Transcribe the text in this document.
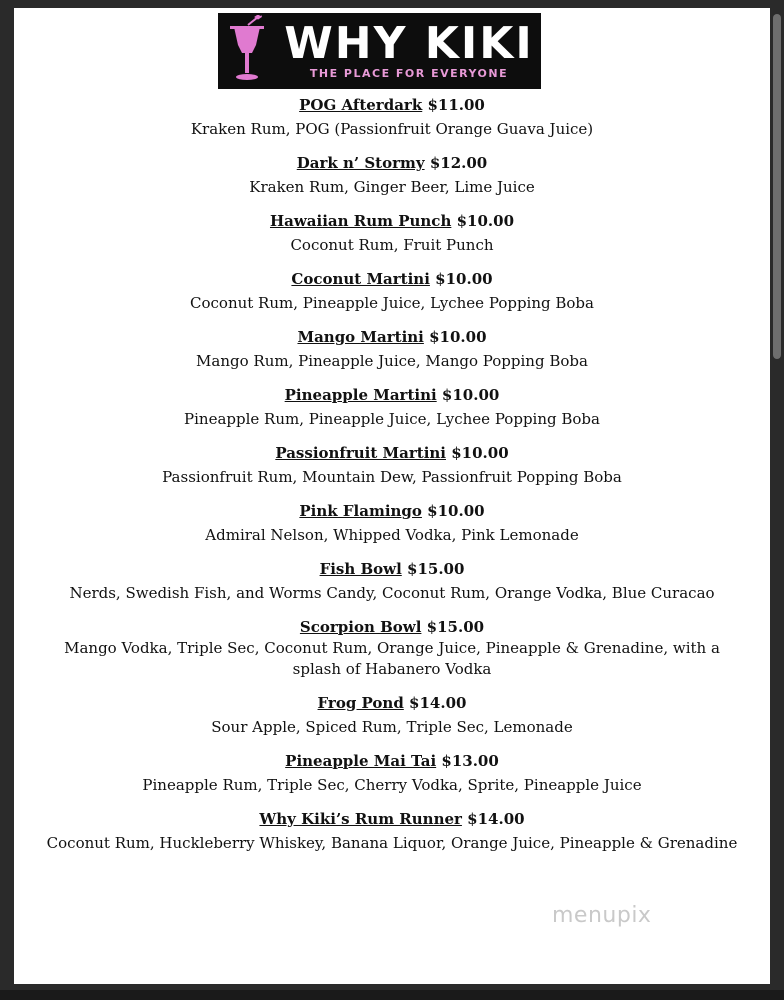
WHY KIKI
THE PLACE FOR EVERYONE
POG Afterdark $11.00
Kraken Rum, POG (Passionfruit Orange Guava Juice)
Dark n’ Stormy $12.00
Kraken Rum, Ginger Beer, Lime Juice
Hawaiian Rum Punch $10.00
Coconut Rum, Fruit Punch
Coconut Martini $10.00
Coconut Rum, Pineapple Juice, Lychee Popping Boba
Mango Martini $10.00
Mango Rum, Pineapple Juice, Mango Popping Boba
Pineapple Martini $10.00
Pineapple Rum, Pineapple Juice, Lychee Popping Boba
Passionfruit Martini $10.00
Passionfruit Rum, Mountain Dew, Passionfruit Popping Boba
Pink Flamingo $10.00
Admiral Nelson, Whipped Vodka, Pink Lemonade
Fish Bowl $15.00
Nerds, Swedish Fish, and Worms Candy, Coconut Rum, Orange Vodka, Blue Curacao
Scorpion Bowl $15.00
Mango Vodka, Triple Sec, Coconut Rum, Orange Juice, Pineapple & Grenadine, with a
splash of Habanero Vodka
Frog Pond $14.00
Sour Apple, Spiced Rum, Triple Sec, Lemonade
Pineapple Mai Tai $13.00
Pineapple Rum, Triple Sec, Cherry Vodka, Sprite, Pineapple Juice
Why Kiki’s Rum Runner $14.00
Coconut Rum, Huckleberry Whiskey, Banana Liquor, Orange Juice, Pineapple & Grenadine
menupix
